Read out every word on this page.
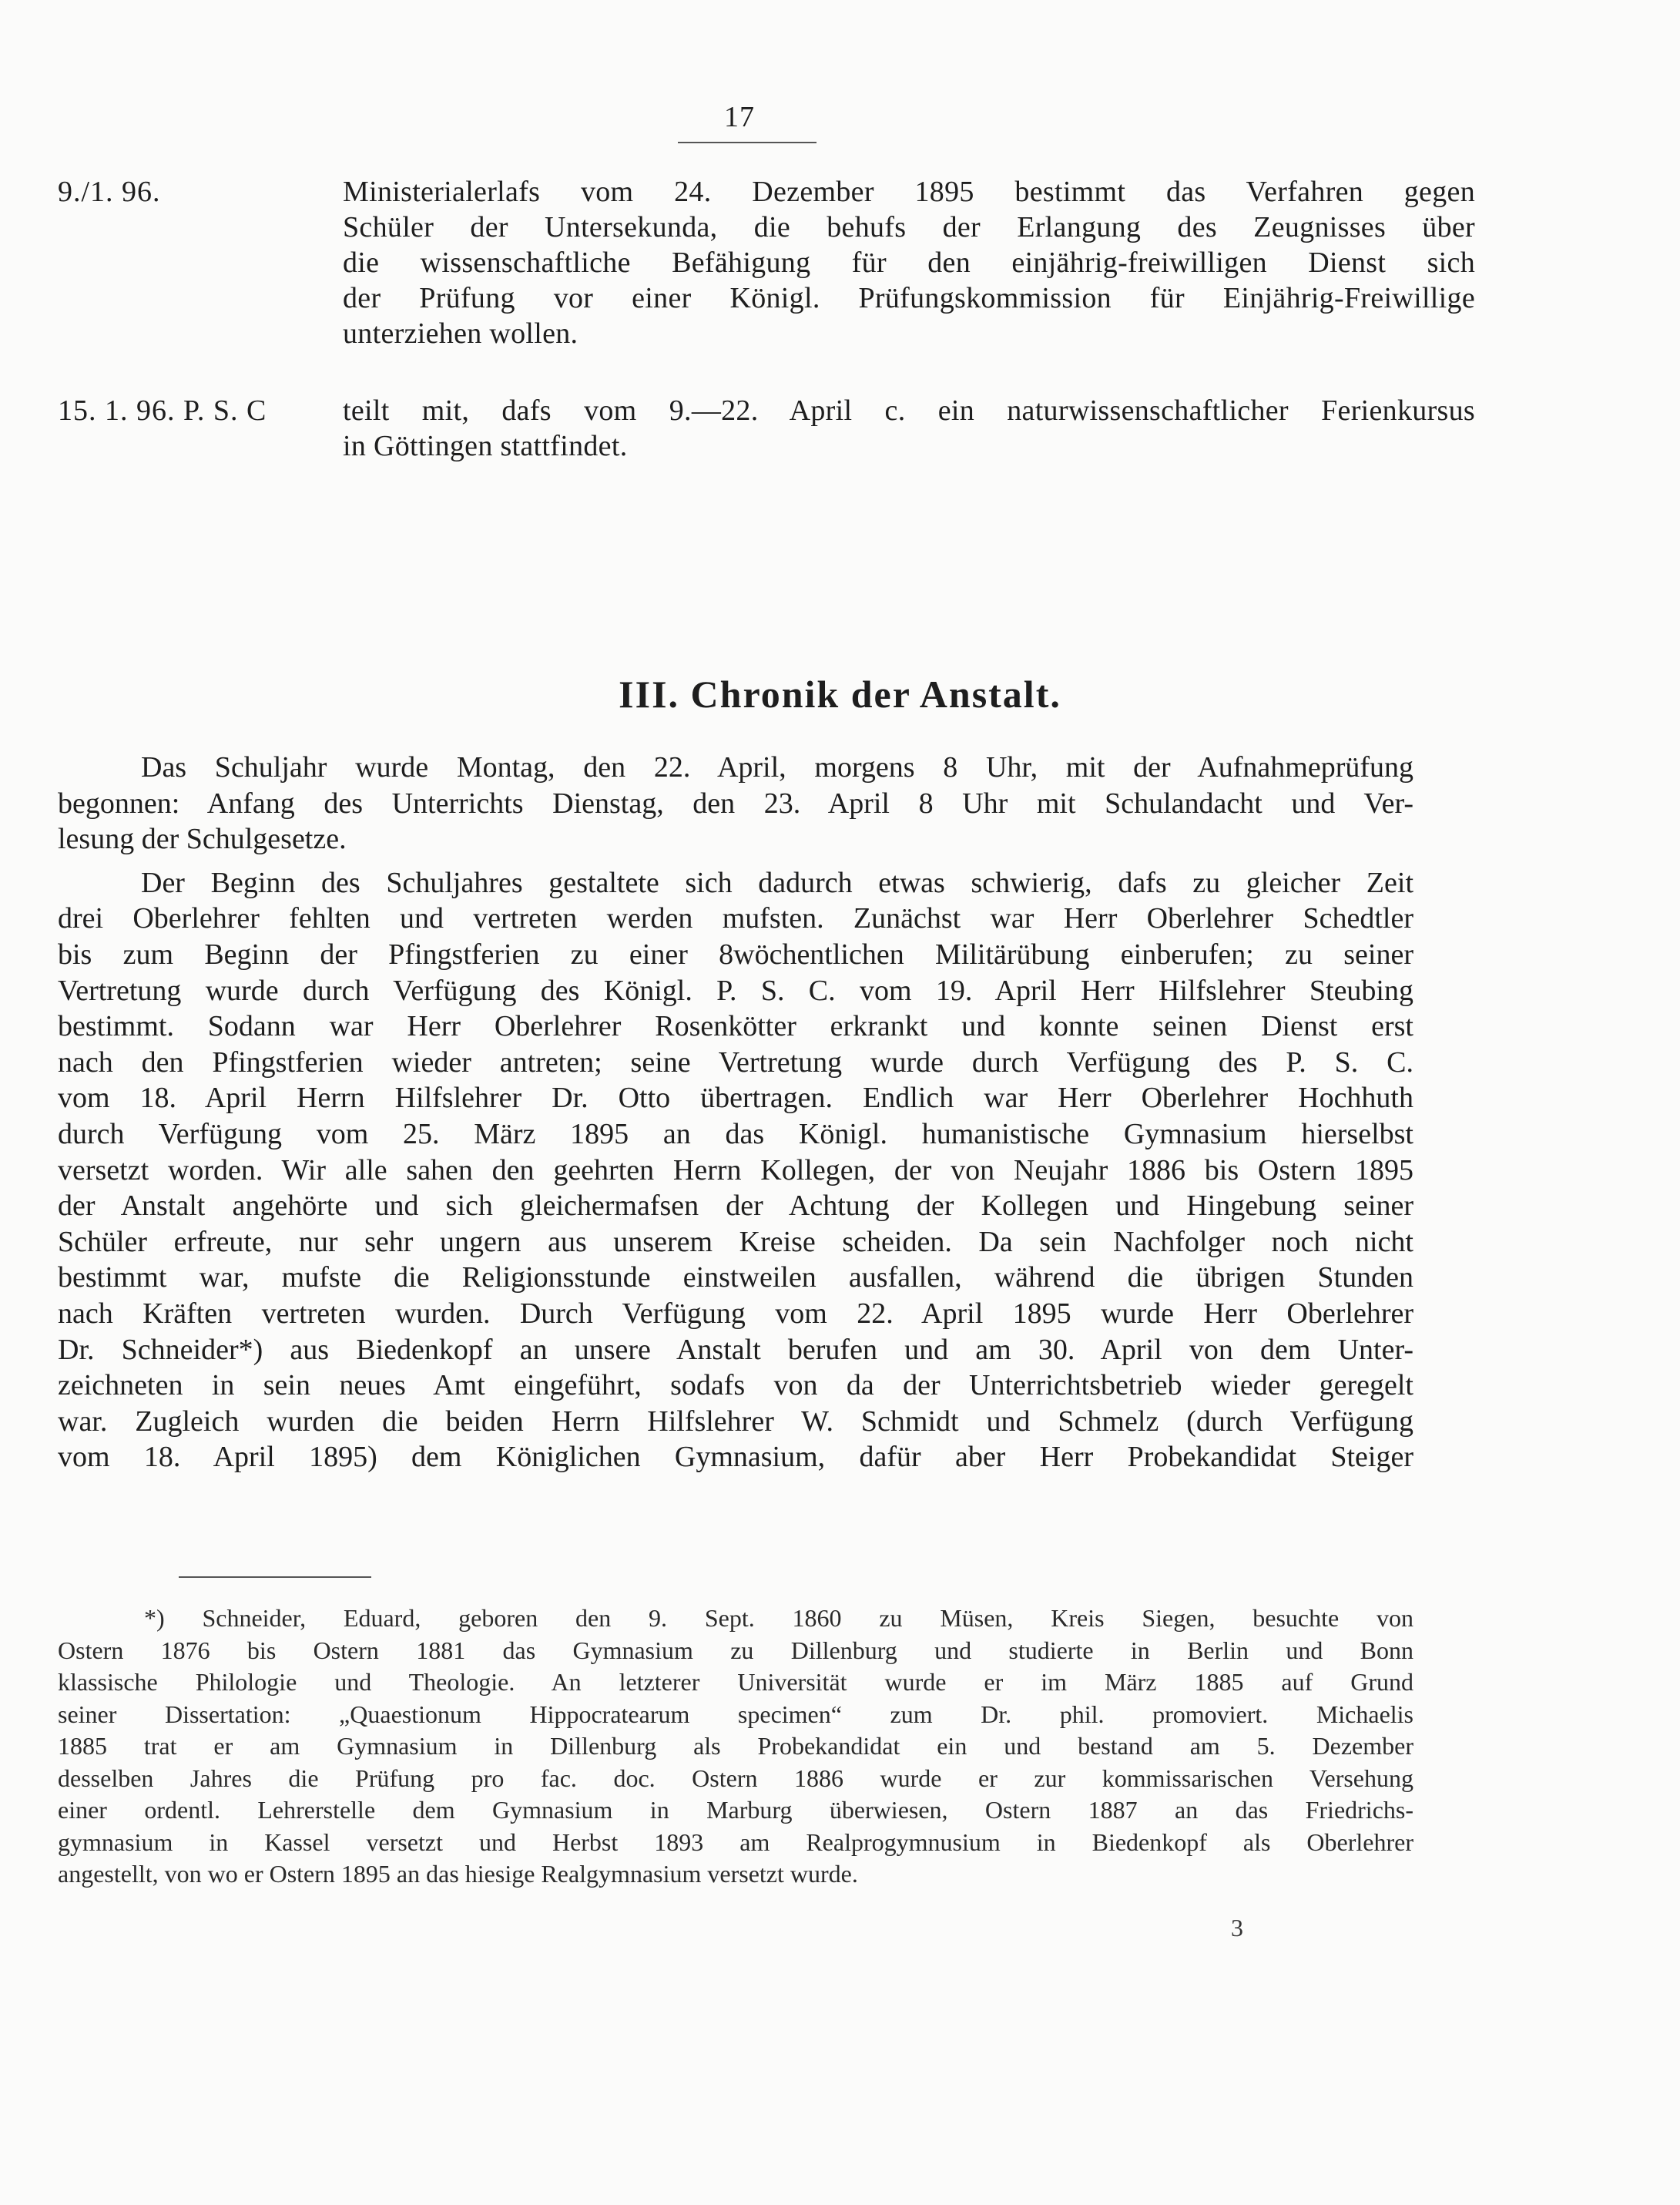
17
9./1. 96.	Ministerialerlafs vom 24. Dezember 1895 bestimmt das Verfahren gegen
Schüler der Untersekunda, die behufs der Erlangung des Zeugnisses über
die wissenschaftliche Befähigung für den einjährig-freiwilligen Dienst sich
der Prüfung vor einer Königl. Prüfungskommission für Einjährig-Freiwillige
unterziehen wollen.
15. 1. 96. P. S. C	teilt mit, dafs vom 9.—22. April c. ein naturwissenschaftlicher Ferienkursus
in Göttingen stattfindet.
III. Chronik der Anstalt.
Das Schuljahr wurde Montag, den 22. April, morgens 8 Uhr, mit der Aufnahmeprüfung
begonnen: Anfang des Unterrichts Dienstag, den 23. April 8 Uhr mit Schulandacht und Ver-
lesung der Schulgesetze.
Der Beginn des Schuljahres gestaltete sich dadurch etwas schwierig, dafs zu gleicher Zeit
drei Oberlehrer fehlten und vertreten werden mufsten. Zunächst war Herr Oberlehrer Schedtler
bis zum Beginn der Pfingstferien zu einer 8wöchentlichen Militärübung einberufen; zu seiner
Vertretung wurde durch Verfügung des Königl. P. S. C. vom 19. April Herr Hilfslehrer Steubing
bestimmt. Sodann war Herr Oberlehrer Rosenkötter erkrankt und konnte seinen Dienst erst
nach den Pfingstferien wieder antreten; seine Vertretung wurde durch Verfügung des P. S. C.
vom 18. April Herrn Hilfslehrer Dr. Otto übertragen. Endlich war Herr Oberlehrer Hochhuth
durch Verfügung vom 25. März 1895 an das Königl. humanistische Gymnasium hierselbst
versetzt worden. Wir alle sahen den geehrten Herrn Kollegen, der von Neujahr 1886 bis Ostern 1895
der Anstalt angehörte und sich gleichermafsen der Achtung der Kollegen und Hingebung seiner
Schüler erfreute, nur sehr ungern aus unserem Kreise scheiden. Da sein Nachfolger noch nicht
bestimmt war, mufste die Religionsstunde einstweilen ausfallen, während die übrigen Stunden
nach Kräften vertreten wurden. Durch Verfügung vom 22. April 1895 wurde Herr Oberlehrer
Dr. Schneider*) aus Biedenkopf an unsere Anstalt berufen und am 30. April von dem Unter-
zeichneten in sein neues Amt eingeführt, sodafs von da der Unterrichtsbetrieb wieder geregelt
war. Zugleich wurden die beiden Herrn Hilfslehrer W. Schmidt und Schmelz (durch Verfügung
vom 18. April 1895) dem Königlichen Gymnasium, dafür aber Herr Probekandidat Steiger
*) Schneider, Eduard, geboren den 9. Sept. 1860 zu Müsen, Kreis Siegen, besuchte von
Ostern 1876 bis Ostern 1881 das Gymnasium zu Dillenburg und studierte in Berlin und Bonn
klassische Philologie und Theologie. An letzterer Universität wurde er im März 1885 auf Grund
seiner Dissertation: „Quaestionum Hippocratearum specimen“ zum Dr. phil. promoviert. Michaelis
1885 trat er am Gymnasium in Dillenburg als Probekandidat ein und bestand am 5. Dezember
desselben Jahres die Prüfung pro fac. doc. Ostern 1886 wurde er zur kommissarischen Versehung
einer ordentl. Lehrerstelle dem Gymnasium in Marburg überwiesen, Ostern 1887 an das Friedrichs-
gymnasium in Kassel versetzt und Herbst 1893 am Realprogymnusium in Biedenkopf als Oberlehrer
angestellt, von wo er Ostern 1895 an das hiesige Realgymnasium versetzt wurde.
3
